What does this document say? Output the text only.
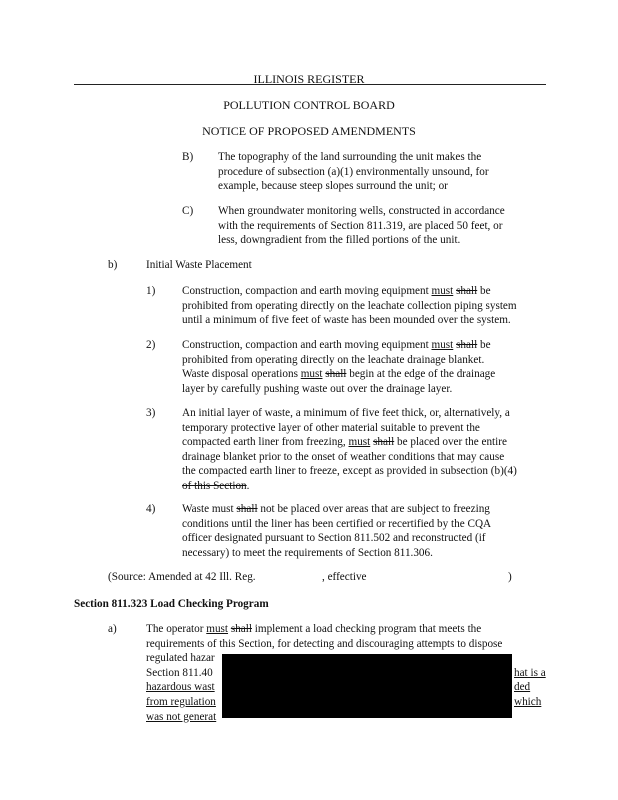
ILLINOIS REGISTER
POLLUTION CONTROL BOARD
NOTICE OF PROPOSED AMENDMENTS
B) The topography of the land surrounding the unit makes the
procedure of subsection (a)(1) environmentally unsound, for
example, because steep slopes surround the unit; or
C) When groundwater monitoring wells, constructed in accordance
with the requirements of Section 811.319, are placed 50 feet, or
less, downgradient from the filled portions of the unit.
b)	Initial Waste Placement
1) Construction, compaction and earth moving equipment must shall be
prohibited from operating directly on the leachate collection piping system
until a minimum of five feet of waste has been mounded over the system.
2) Construction, compaction and earth moving equipment must shall be
prohibited from operating directly on the leachate drainage blanket.
Waste disposal operations must shall begin at the edge of the drainage
layer by carefully pushing waste out over the drainage layer.
3) An initial layer of waste, a minimum of five feet thick, or, alternatively, a
temporary protective layer of other material suitable to prevent the
compacted earth liner from freezing, must shall be placed over the entire
drainage blanket prior to the onset of weather conditions that may cause
the compacted earth liner to freeze, except as provided in subsection (b)(4)
of this Section.
4) Waste must shall not be placed over areas that are subject to freezing
conditions until the liner has been certified or recertified by the CQA
officer designated pursuant to Section 811.502 and reconstructed (if
necessary) to meet the requirements of Section 811.306.
(Source: Amended at 42 Ill. Reg.	, effective	)
Section 811.323 Load Checking Program
a)	The operator must shall implement a load checking program that meets the
requirements of this Section, for detecting and discouraging attempts to dispose
regulated hazar
Section 811.40
hazardous wast
from regulation
was not generat
hat is a
ded
which
